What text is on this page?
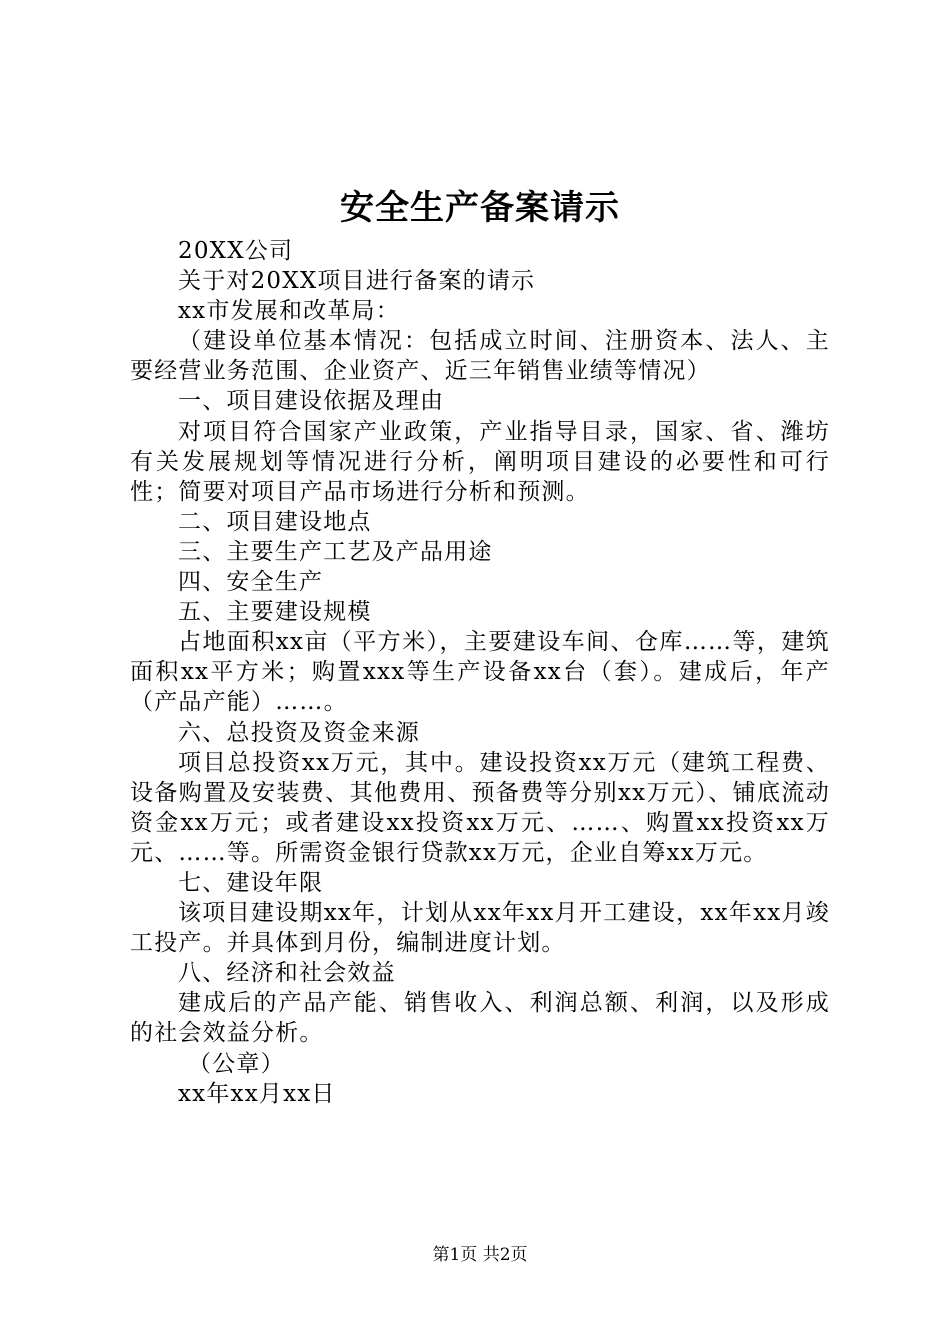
安全生产备案请示

20XX公司

关于对20XX项目进行备案的请示

xx市发展和改革局：

（建设单位基本情况：包括成立时间、注册资本、法人、主要经营业务范围、企业资产、近三年销售业绩等情况）

一、项目建设依据及理由

对项目符合国家产业政策，产业指导目录，国家、省、潍坊有关发展规划等情况进行分析，阐明项目建设的必要性和可行性；简要对项目产品市场进行分析和预测。

二、项目建设地点

三、主要生产工艺及产品用途

四、安全生产

五、主要建设规模

占地面积xx亩（平方米），主要建设车间、仓库……等，建筑面积xx平方米；购置xxx等生产设备xx台（套）。建成后，年产（产品产能）……。

六、总投资及资金来源

项目总投资xx万元，其中。建设投资xx万元（建筑工程费、设备购置及安装费、其他费用、预备费等分别xx万元）、铺底流动资金xx万元；或者建设xx投资xx万元、……、购置xx投资xx万元、……等。所需资金银行贷款xx万元，企业自筹xx万元。

七、建设年限

该项目建设期xx年，计划从xx年xx月开工建设，xx年xx月竣工投产。并具体到月份，编制进度计划。

八、经济和社会效益

建成后的产品产能、销售收入、利润总额、利润，以及形成的社会效益分析。

（公章）

xx年xx月xx日

第1页 共2页
